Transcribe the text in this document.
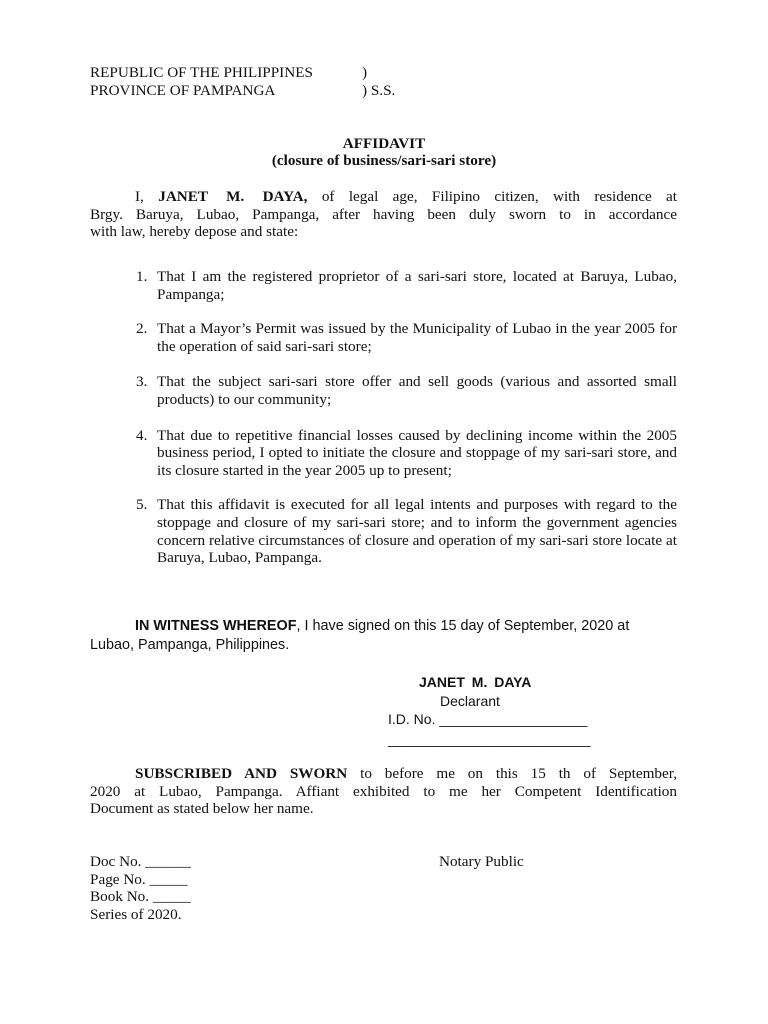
REPUBLIC OF THE PHILIPPINES	)
PROVINCE OF PAMPANGA	) S.S.
AFFIDAVIT
(closure of business/sari-sari store)
I, JANET M. DAYA, of legal age, Filipino citizen, with residence at
Brgy. Baruya, Lubao, Pampanga, after having been duly sworn to in accordance
with law, hereby depose and state:
1. That I am the registered proprietor of a sari-sari store, located at Baruya, Lubao, Pampanga;
2. That a Mayor’s Permit was issued by the Municipality of Lubao in the year 2005 for the operation of said sari-sari store;
3. That the subject sari-sari store offer and sell goods (various and assorted small products) to our community;
4. That due to repetitive financial losses caused by declining income within the 2005 business period, I opted to initiate the closure and stoppage of my sari-sari store, and its closure started in the year 2005 up to present;
5. That this affidavit is executed for all legal intents and purposes with regard to the stoppage and closure of my sari-sari store; and to inform the government agencies concern relative circumstances of closure and operation of my sari-sari store locate at Baruya, Lubao, Pampanga.
IN WITNESS WHEREOF, I have signed on this 15 day of September, 2020 at
Lubao, Pampanga, Philippines.
JANET M. DAYA
Declarant
I.D. No. ___________________
__________________________
SUBSCRIBED AND SWORN to before me on this 15 th of September,
2020 at Lubao, Pampanga. Affiant exhibited to me her Competent Identification
Document as stated below her name.
Doc No. ______
Page No. _____
Book No. _____
Series of 2020.
Notary Public
